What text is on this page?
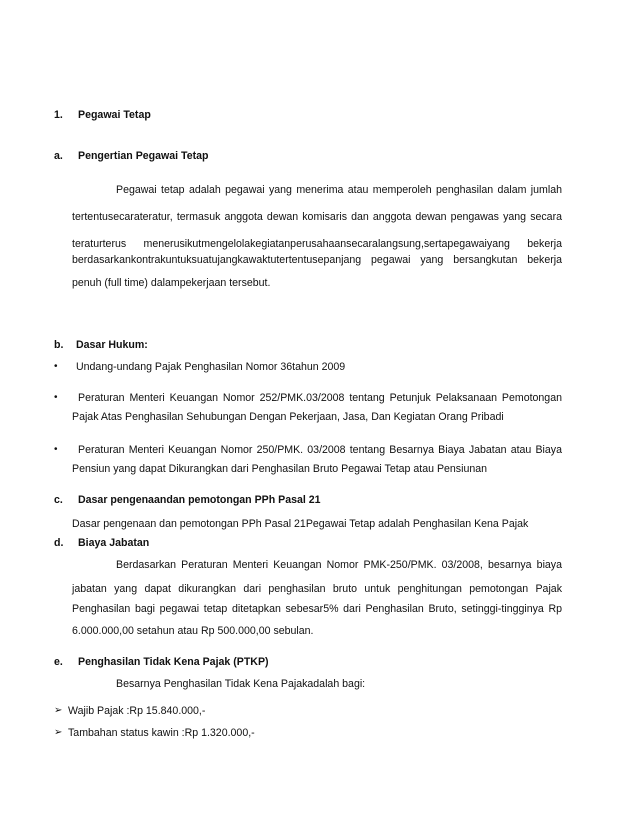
1. Pegawai Tetap
a. Pengertian Pegawai Tetap
Pegawai tetap adalah pegawai yang menerima atau memperoleh penghasilan dalam jumlah
tertentusecarateratur, termasuk anggota dewan komisaris dan anggota dewan pengawas yang secara
teraturterus menerusikutmengelolakegiatanperusahaansecaralangsung,sertapegawaiyang bekerja
berdasarkankontrakuntuksuatujangkawaktutertentusepanjang pegawai yang bersangkutan bekerja
penuh (full time) dalampekerjaan tersebut.
b. Dasar Hukum:
• Undang-undang Pajak Penghasilan Nomor 36tahun 2009
• Peraturan Menteri Keuangan Nomor 252/PMK.03/2008 tentang Petunjuk Pelaksanaan Pemotongan
Pajak Atas Penghasilan Sehubungan Dengan Pekerjaan, Jasa, Dan Kegiatan Orang Pribadi
• Peraturan Menteri Keuangan Nomor 250/PMK. 03/2008 tentang Besarnya Biaya Jabatan atau Biaya
Pensiun yang dapat Dikurangkan dari Penghasilan Bruto Pegawai Tetap atau Pensiunan
c. Dasar pengenaandan pemotongan PPh Pasal 21
Dasar pengenaan dan pemotongan PPh Pasal 21Pegawai Tetap adalah Penghasilan Kena Pajak
d. Biaya Jabatan
Berdasarkan Peraturan Menteri Keuangan Nomor PMK-250/PMK. 03/2008, besarnya biaya
jabatan yang dapat dikurangkan dari penghasilan bruto untuk penghitungan pemotongan Pajak
Penghasilan bagi pegawai tetap ditetapkan sebesar5% dari Penghasilan Bruto, setinggi-tingginya Rp
6.000.000,00 setahun atau Rp 500.000,00 sebulan.
e. Penghasilan Tidak Kena Pajak (PTKP)
Besarnya Penghasilan Tidak Kena Pajakadalah bagi:
➢ Wajib Pajak :Rp 15.840.000,-
➢ Tambahan status kawin :Rp 1.320.000,-
